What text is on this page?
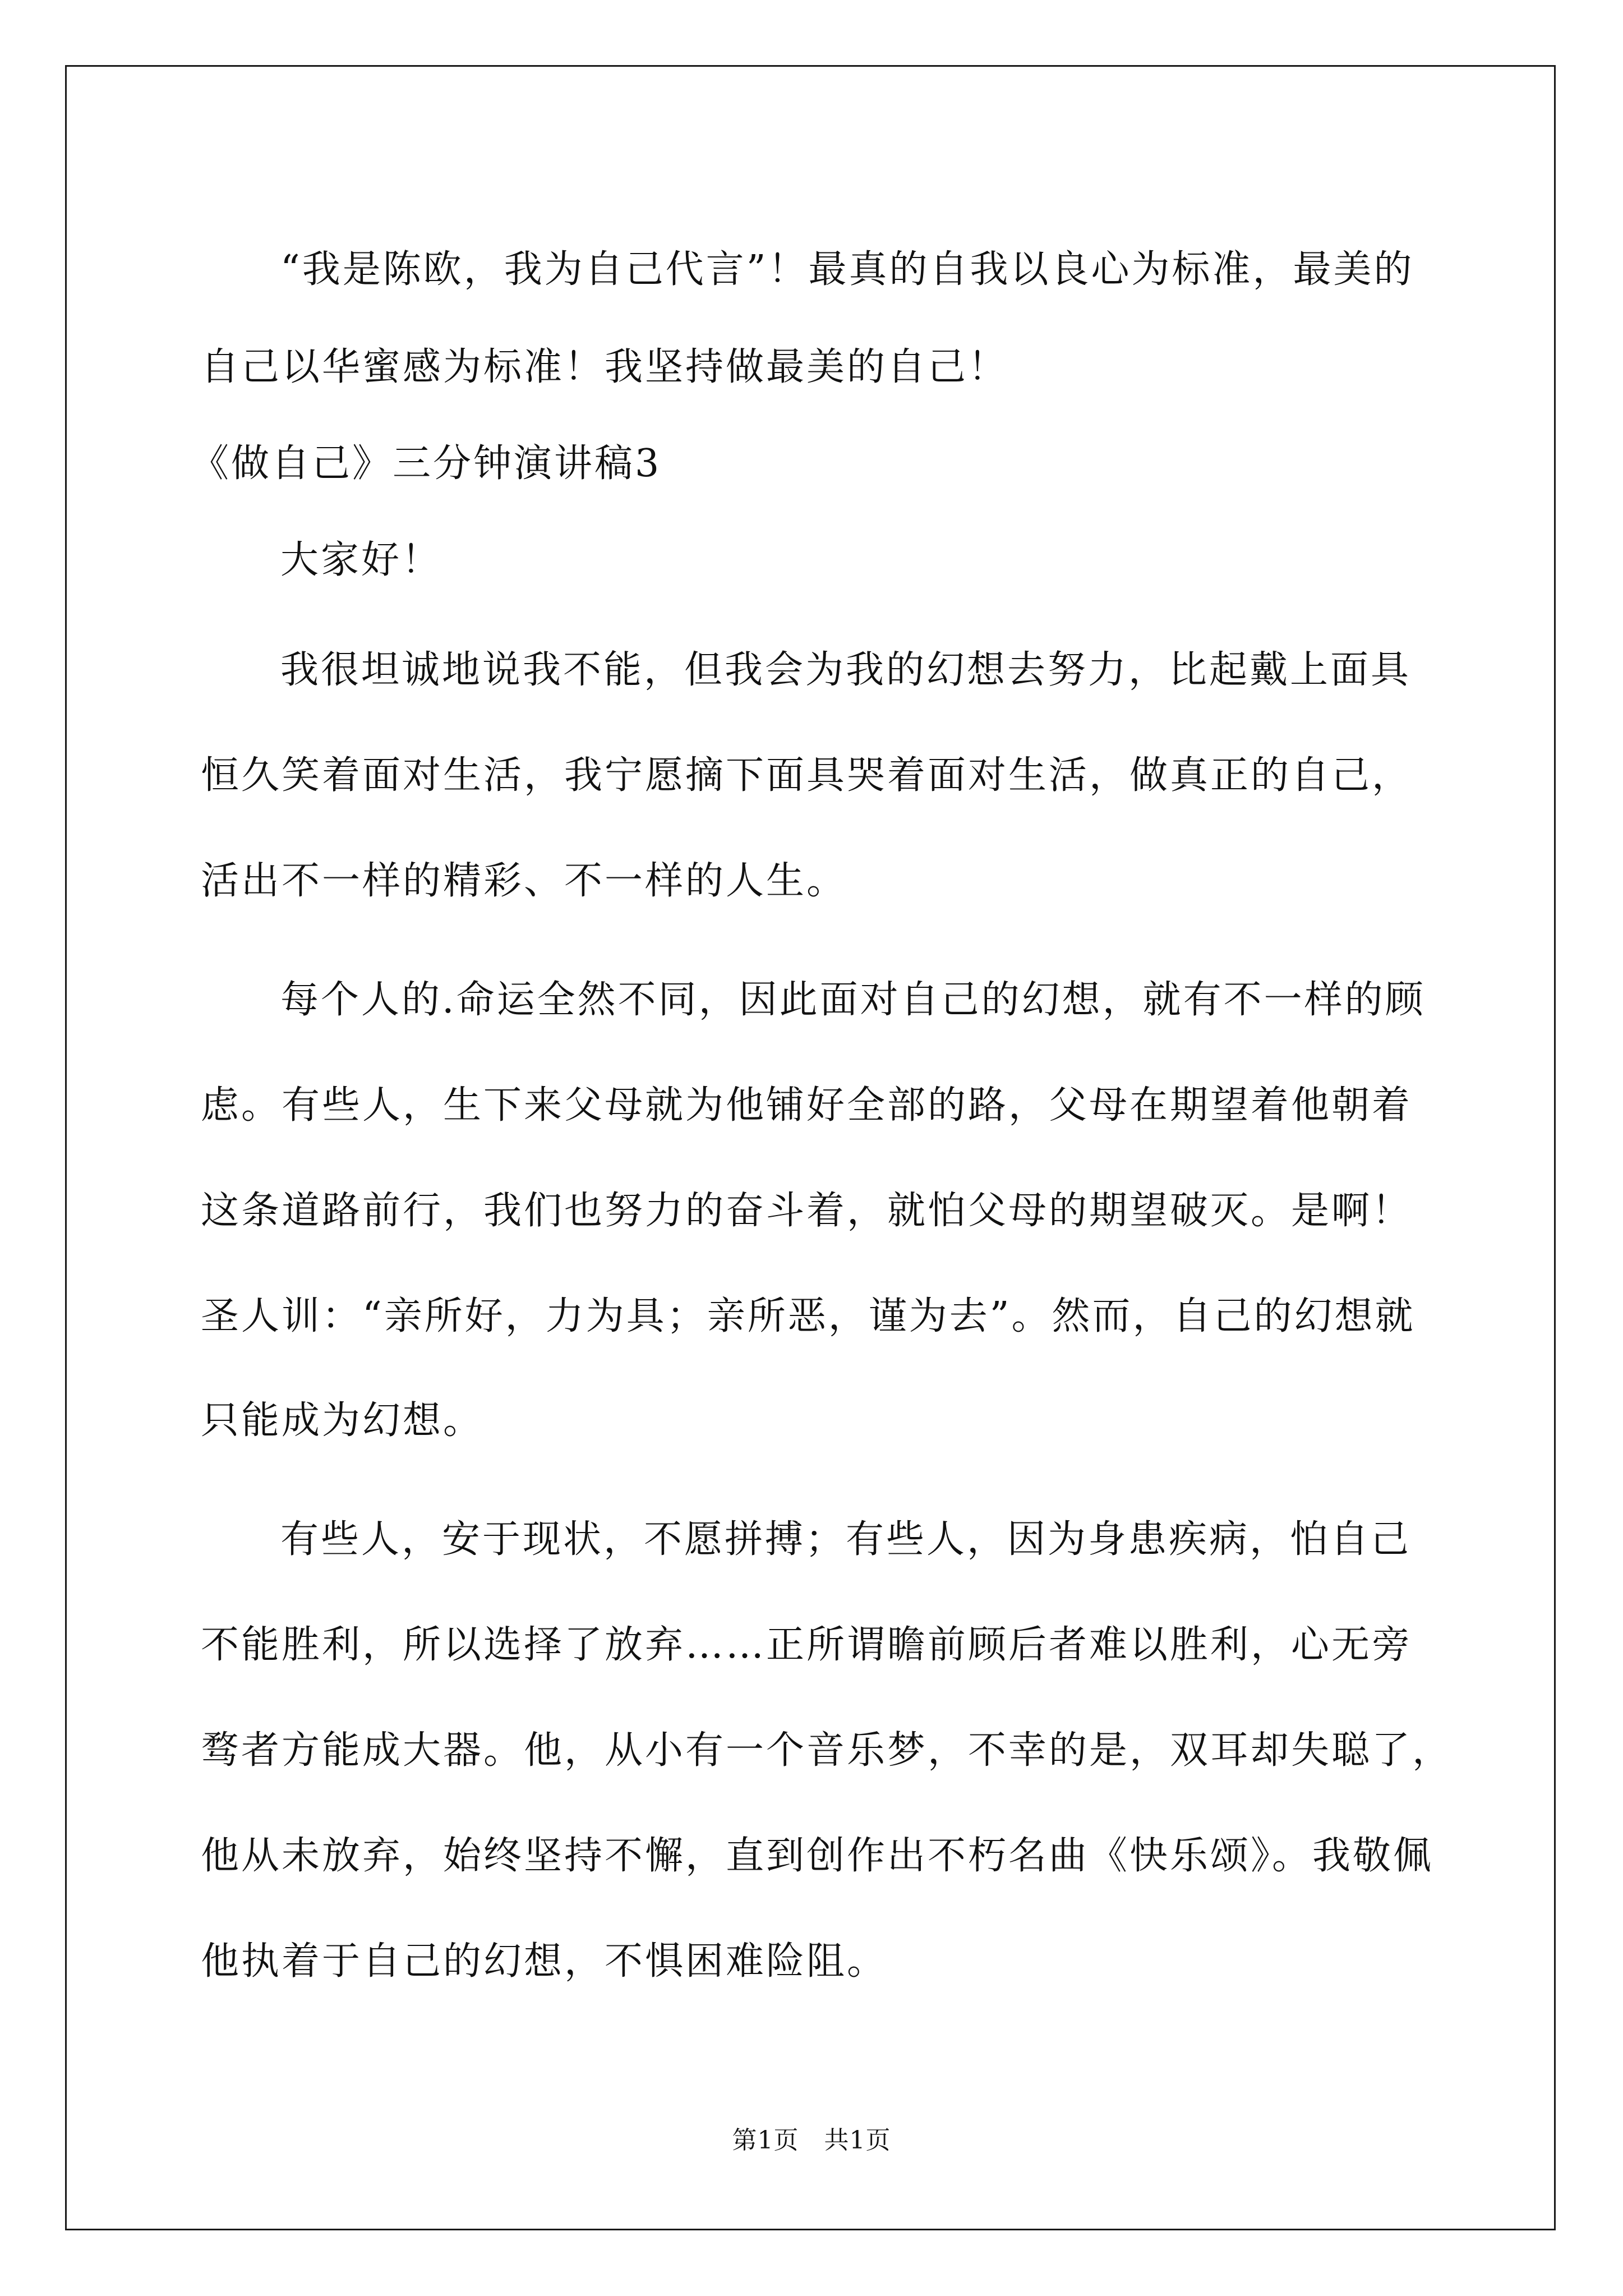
“我是陈欧，我为自己代言”！最真的自我以良心为标准，最美的
自己以华蜜感为标准！我坚持做最美的自己！
《做自己》三分钟演讲稿3
大家好！
我很坦诚地说我不能，但我会为我的幻想去努力，比起戴上面具
恒久笑着面对生活，我宁愿摘下面具哭着面对生活，做真正的自己，
活出不一样的精彩、不一样的人生。
每个人的.命运全然不同，因此面对自己的幻想，就有不一样的顾
虑。有些人，生下来父母就为他铺好全部的路，父母在期望着他朝着
这条道路前行，我们也努力的奋斗着，就怕父母的期望破灭。是啊！
圣人训：“亲所好，力为具；亲所恶，谨为去”。然而，自己的幻想就
只能成为幻想。
有些人，安于现状，不愿拼搏；有些人，因为身患疾病，怕自己
不能胜利，所以选择了放弃……正所谓瞻前顾后者难以胜利，心无旁
骛者方能成大器。他，从小有一个音乐梦，不幸的是，双耳却失聪了，
他从未放弃，始终坚持不懈，直到创作出不朽名曲《快乐颂》。我敬佩
他执着于自己的幻想，不惧困难险阻。
第1页　共1页
